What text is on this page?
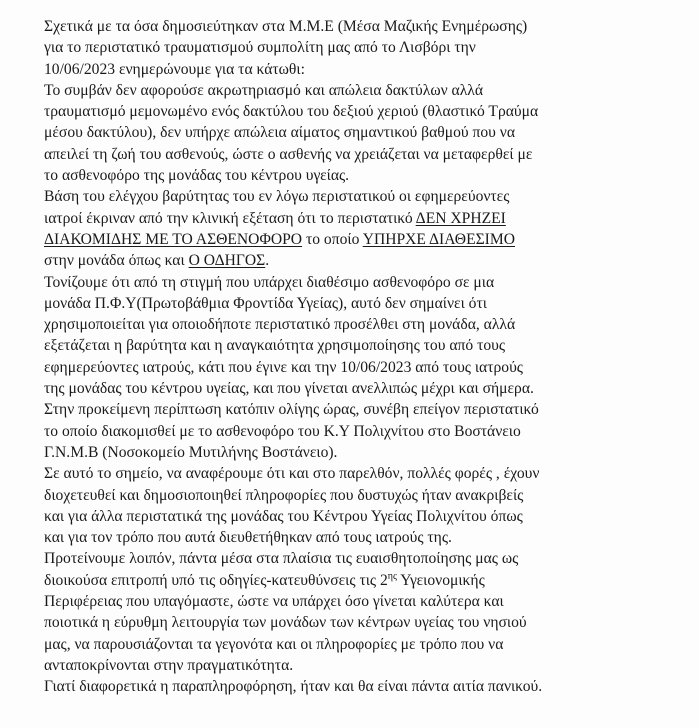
Σχετικά με τα όσα δημοσιεύτηκαν στα Μ.Μ.Ε (Μέσα Μαζικής Ενημέρωσης)
για το περιστατικό τραυματισμού συμπολίτη μας από το Λισβόρι την
10/06/2023 ενημερώνουμε για τα κάτωθι:
Το συμβάν δεν αφορούσε ακρωτηριασμό και απώλεια δακτύλων αλλά
τραυματισμό μεμονωμένο ενός δακτύλου του δεξιού χεριού (θλαστικό Τραύμα
μέσου δακτύλου), δεν υπήρχε απώλεια αίματος σημαντικού βαθμού που να
απειλεί τη ζωή του ασθενούς, ώστε ο ασθενής να χρειάζεται να μεταφερθεί με
το ασθενοφόρο της μονάδας του κέντρου υγείας.
Βάση του ελέγχου βαρύτητας του εν λόγω περιστατικού οι εφημερεύοντες
ιατροί έκριναν από την κλινική εξέταση ότι το περιστατικό ΔΕΝ ΧΡΗΖΕΙ
ΔΙΑΚΟΜΙΔΗΣ ΜΕ ΤΟ ΑΣΘΕΝΟΦΟΡΟ το οποίο ΥΠΗΡΧΕ ΔΙΑΘΕΣΙΜΟ
στην μονάδα όπως και Ο ΟΔΗΓΟΣ.
Τονίζουμε ότι από τη στιγμή που υπάρχει διαθέσιμο ασθενοφόρο σε μια
μονάδα Π.Φ.Υ(Πρωτοβάθμια Φροντίδα Υγείας), αυτό δεν σημαίνει ότι
χρησιμοποιείται για οποιοδήποτε περιστατικό προσέλθει στη μονάδα, αλλά
εξετάζεται η βαρύτητα και η αναγκαιότητα χρησιμοποίησης του από τους
εφημερεύοντες ιατρούς, κάτι που έγινε και την 10/06/2023 από τους ιατρούς
της μονάδας του κέντρου υγείας, και που γίνεται ανελλιπώς μέχρι και σήμερα.
Στην προκείμενη περίπτωση κατόπιν ολίγης ώρας, συνέβη επείγον περιστατικό
το οποίο διακομισθεί με το ασθενοφόρο του Κ.Υ Πολιχνίτου στο Βοστάνειο
Γ.Ν.Μ.Β (Νοσοκομείο Μυτιλήνης Βοστάνειο).
Σε αυτό το σημείο, να αναφέρουμε ότι και στο παρελθόν, πολλές φορές , έχουν
διοχετευθεί και δημοσιοποιηθεί πληροφορίες που δυστυχώς ήταν ανακριβείς
και για άλλα περιστατικά της μονάδας του Κέντρου Υγείας Πολιχνίτου όπως
και για τον τρόπο που αυτά διευθετήθηκαν από τους ιατρούς της.
Προτείνουμε λοιπόν, πάντα μέσα στα πλαίσια τις ευαισθητοποίησης μας ως
διοικούσα επιτροπή υπό τις οδηγίες-κατευθύνσεις τις $2^{\eta\varsigma}$ Υγειονομικής
Περιφέρειας που υπαγόμαστε, ώστε να υπάρχει όσο γίνεται καλύτερα και
ποιοτικά η εύρυθμη λειτουργία των μονάδων των κέντρων υγείας του νησιού
μας, να παρουσιάζονται τα γεγονότα και οι πληροφορίες με τρόπο που να
ανταποκρίνονται στην πραγματικότητα.
Γιατί διαφορετικά η παραπληροφόρηση, ήταν και θα είναι πάντα αιτία πανικού.
